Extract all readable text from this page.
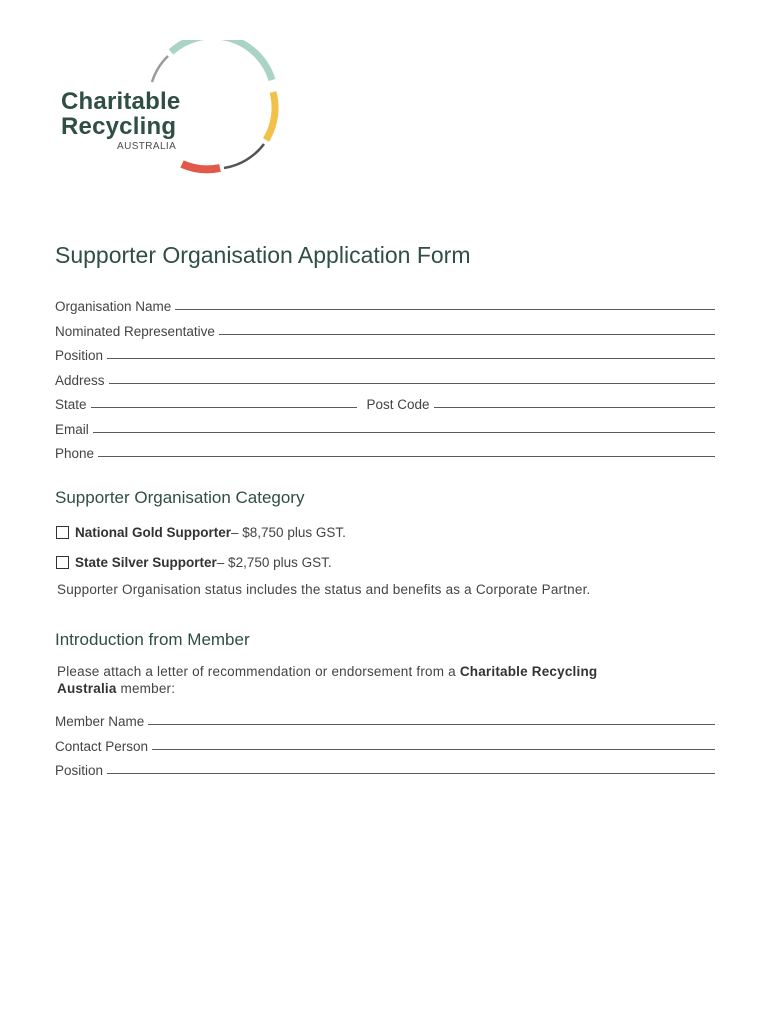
Charitable
Recycling
AUSTRALIA
Supporter Organisation Application Form
Organisation Name
Nominated Representative
Position
Address
State	Post Code
Email
Phone
Supporter Organisation Category
National Gold Supporter – $8,750 plus GST.
State Silver Supporter – $2,750 plus GST.

Supporter Organisation status includes the status and benefits as a Corporate Partner.

Introduction from Member

Please attach a letter of recommendation or endorsement from a Charitable Recycling
Australia member:

Member Name
Contact Person
Position
